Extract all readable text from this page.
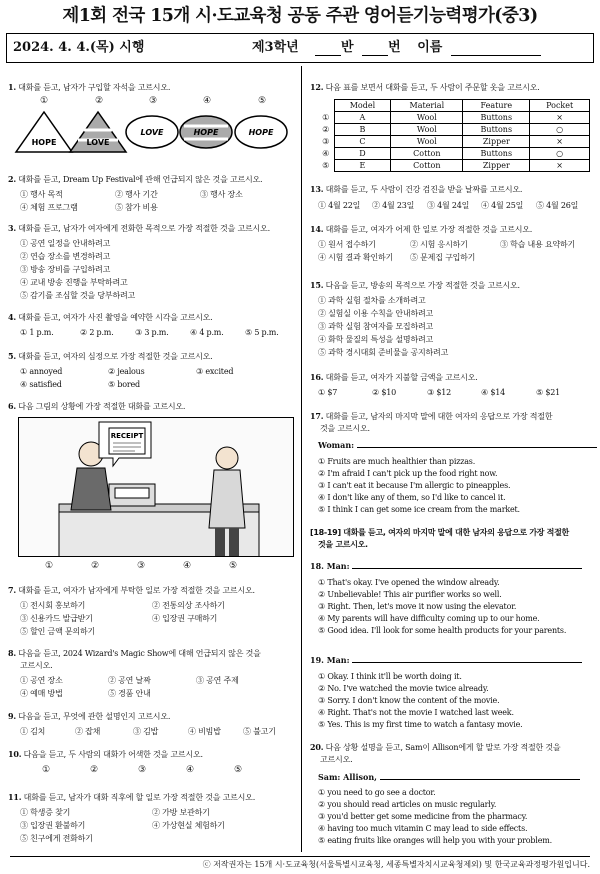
제1회 전국 15개 시·도교육청 공동 주관 영어듣기능력평가(중3)
2024. 4. 4.(목) 시행	제3학년	반	번 이름
1. 대화를 듣고, 남자가 구입할 자석을 고르시오.
①	②	③	④	⑤
HOPE	LOVE
LOVE	HOPE	HOPE
2. 대화를 듣고, Dream Up Festival에 관해 언급되지 않은 것을 고르시오.
① 행사 목적	② 행사 기간	③ 행사 장소
④ 체험 프로그램	⑤ 참가 비용
3. 대화를 듣고, 남자가 여자에게 전화한 목적으로 가장 적절한 것을 고르시오.
① 공연 일정을 안내하려고
② 연습 장소를 변경하려고
③ 방송 장비를 구입하려고
④ 교내 방송 진행을 부탁하려고
⑤ 감기를 조심할 것을 당부하려고
4. 대화를 듣고, 여자가 사진 촬영을 예약한 시각을 고르시오.
① 1 p.m.	② 2 p.m.	③ 3 p.m.	④ 4 p.m.	⑤ 5 p.m.
5. 대화를 듣고, 여자의 심정으로 가장 적절한 것을 고르시오.
① annoyed	② jealous	③ excited
④ satisfied	⑤ bored
6. 다음 그림의 상황에 가장 적절한 대화를 고르시오.
RECEIPT
①	②	③	④	⑤
7. 대화를 듣고, 여자가 남자에게 부탁한 일로 가장 적절한 것을 고르시오.
① 전시회 홍보하기	② 전통의상 조사하기
③ 신용카드 발급받기	④ 입장권 구매하기
⑤ 할인 금액 문의하기
8. 다음을 듣고, 2024 Wizard's Magic Show에 대해 언급되지 않은 것을
고르시오.
① 공연 장소	② 공연 날짜	③ 공연 주제
④ 예매 방법	⑤ 경품 안내
9. 다음을 듣고, 무엇에 관한 설명인지 고르시오.
① 김치	② 잡채	③ 김밥	④ 비빔밥	⑤ 불고기
10. 다음을 듣고, 두 사람의 대화가 어색한 것을 고르시오.
①	②	③	④	⑤
11. 대화를 듣고, 남자가 대화 직후에 할 일로 가장 적절한 것을 고르시오.
① 학생증 찾기	② 가방 보관하기
③ 입장권 환불하기	④ 가상현실 체험하기
⑤ 친구에게 전화하기
12. 다음 표를 보면서 대화를 듣고, 두 사람이 주문할 옷을 고르시오.
	Model	Material	Feature	Pocket
①	A	Wool	Buttons	×
②	B	Wool	Buttons	○
③	C	Wool	Zipper	×
④	D	Cotton	Buttons	○
⑤	E	Cotton	Zipper	×
13. 대화를 듣고, 두 사람이 건강 검진을 받을 날짜를 고르시오.
① 4월 22일 ② 4월 23일 ③ 4월 24일 ④ 4월 25일 ⑤ 4월 26일
14. 대화를 듣고, 여자가 어제 한 일로 가장 적절한 것을 고르시오.
① 원서 접수하기	② 시험 응시하기	③ 학습 내용 요약하기
④ 시험 결과 확인하기 ⑤ 문제집 구입하기
15. 다음을 듣고, 방송의 목적으로 가장 적절한 것을 고르시오.
① 과학 실험 절차를 소개하려고
② 실험실 이용 수칙을 안내하려고
③ 과학 실험 참여자를 모집하려고
④ 화학 물질의 특성을 설명하려고
⑤ 과학 경시대회 준비물을 공지하려고
16. 대화를 듣고, 여자가 지불할 금액을 고르시오.
① $7	② $10	③ $12	④ $14	⑤ $21
17. 대화를 듣고, 남자의 마지막 말에 대한 여자의 응답으로 가장 적절한
것을 고르시오.
Woman:
① Fruits are much healthier than pizzas.
② I'm afraid I can't pick up the food right now.
③ I can't eat it because I'm allergic to pineapples.
④ I don't like any of them, so I'd like to cancel it.
⑤ I think I can get some ice cream from the market.
[18-19] 대화를 듣고, 여자의 마지막 말에 대한 남자의 응답으로 가장 적절한
것을 고르시오.
18. Man:
① That's okay. I've opened the window already.
② Unbelievable! This air purifier works so well.
③ Right. Then, let's move it now using the elevator.
④ My parents will have difficulty coming up to our home.
⑤ Good idea. I'll look for some health products for your parents.
19. Man:
① Okay. I think it'll be worth doing it.
② No. I've watched the movie twice already.
③ Sorry. I don't know the content of the movie.
④ Right. That's not the movie I watched last week.
⑤ Yes. This is my first time to watch a fantasy movie.
20. 다음 상황 설명을 듣고, Sam이 Allison에게 할 말로 가장 적절한 것을
고르시오.
Sam: Allison,
① you need to go see a doctor.
② you should read articles on music regularly.
③ you'd better get some medicine from the pharmacy.
④ having too much vitamin C may lead to side effects.
⑤ eating fruits like oranges will help you with your problem.
ⓒ 저작권자는 15개 시·도교육청(서울특별시교육청, 세종특별자치시교육청제외) 및 한국교육과정평가원입니다.
